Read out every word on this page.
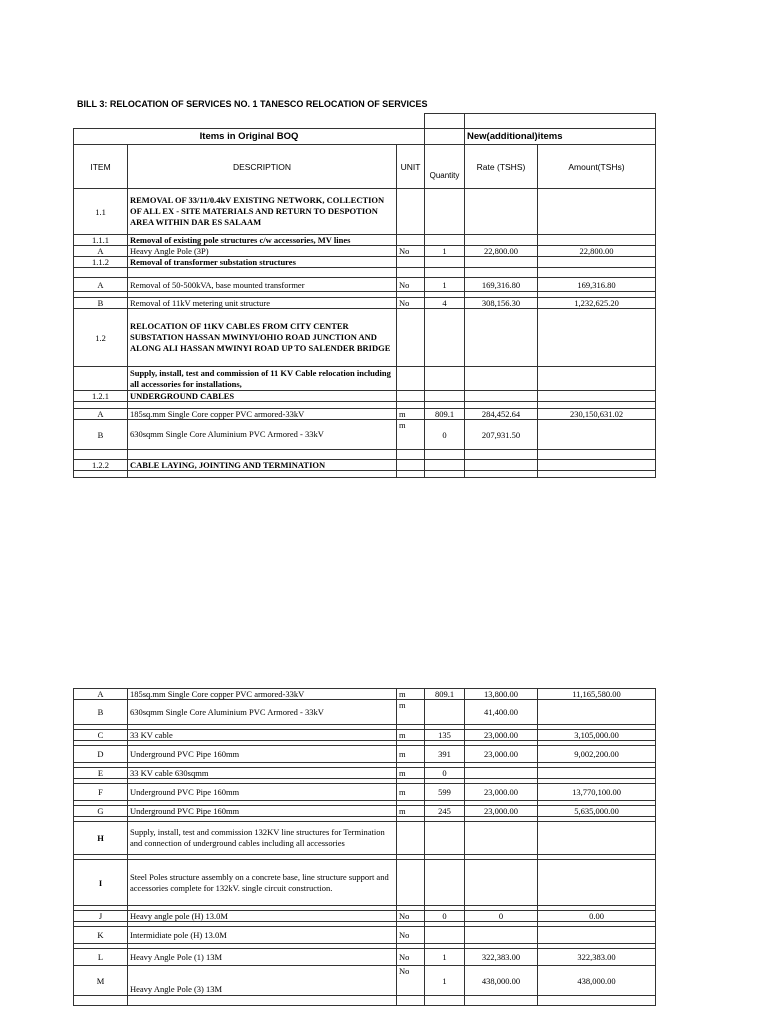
BILL 3: RELOCATION OF SERVICES NO. 1 TANESCO RELOCATION OF SERVICES

Items in Original BOQ				New(additional)items	
ITEM	DESCRIPTION	UNIT	Quantity	Rate (TSHS)	Amount(TSHs)
1.1	REMOVAL OF 33/11/0.4kV EXISTING NETWORK, COLLECTION OF ALL EX - SITE MATERIALS AND RETURN TO DESPOTION AREA WITHIN DAR ES SALAAM				
1.1.1	Removal of existing pole structures c/w accessories, MV lines				
A	Heavy Angle Pole (3P)	No	1	22,800.00	22,800.00
1.1.2	Removal of transformer substation structures				

A	Removal of 50-500kVA, base mounted transformer	No	1	169,316.80	169,316.80

B	Removal of 11kV metering unit structure	No	4	308,156.30	1,232,625.20
1.2	RELOCATION OF 11KV CABLES FROM CITY CENTER SUBSTATION HASSAN MWINYI/OHIO ROAD JUNCTION AND ALONG ALI HASSAN MWINYI ROAD UP TO SALENDER BRIDGE				
	Supply, install, test and commission of 11 KV Cable relocation including all accessories for installations,				
1.2.1	UNDERGROUND CABLES				

A	185sq.mm Single Core copper PVC armored-33kV	m	809.1	284,452.64	230,150,631.02
B	630sqmm Single Core Aluminium PVC Armored - 33kV	m	0	207,931.50	

1.2.2	CABLE LAYING, JOINTING AND TERMINATION				

A	185sq.mm Single Core copper PVC armored-33kV	m	809.1	13,800.00	11,165,580.00
B	630sqmm Single Core Aluminium PVC Armored - 33kV	m		41,400.00	

C	33 KV cable	m	135	23,000.00	3,105,000.00

D	Underground PVC Pipe 160mm	m	391	23,000.00	9,002,200.00

E	33 KV cable 630sqmm	m	0		

F	Underground PVC Pipe 160mm	m	599	23,000.00	13,770,100.00

G	Underground PVC Pipe 160mm	m	245	23,000.00	5,635,000.00

H	Supply, install, test and commission 132KV line structures for Termination and connection of underground cables including all accessories				

I	Steel Poles structure assembly on a concrete base, line structure support and accessories complete for 132kV. single circuit construction.				

J	Heavy angle pole (H) 13.0M	No	0	0	0.00

K	Intermidiate pole (H) 13.0M	No			

L	Heavy Angle Pole (1) 13M	No	1	322,383.00	322,383.00
M	Heavy Angle Pole (3) 13M	No	1	438,000.00	438,000.00
